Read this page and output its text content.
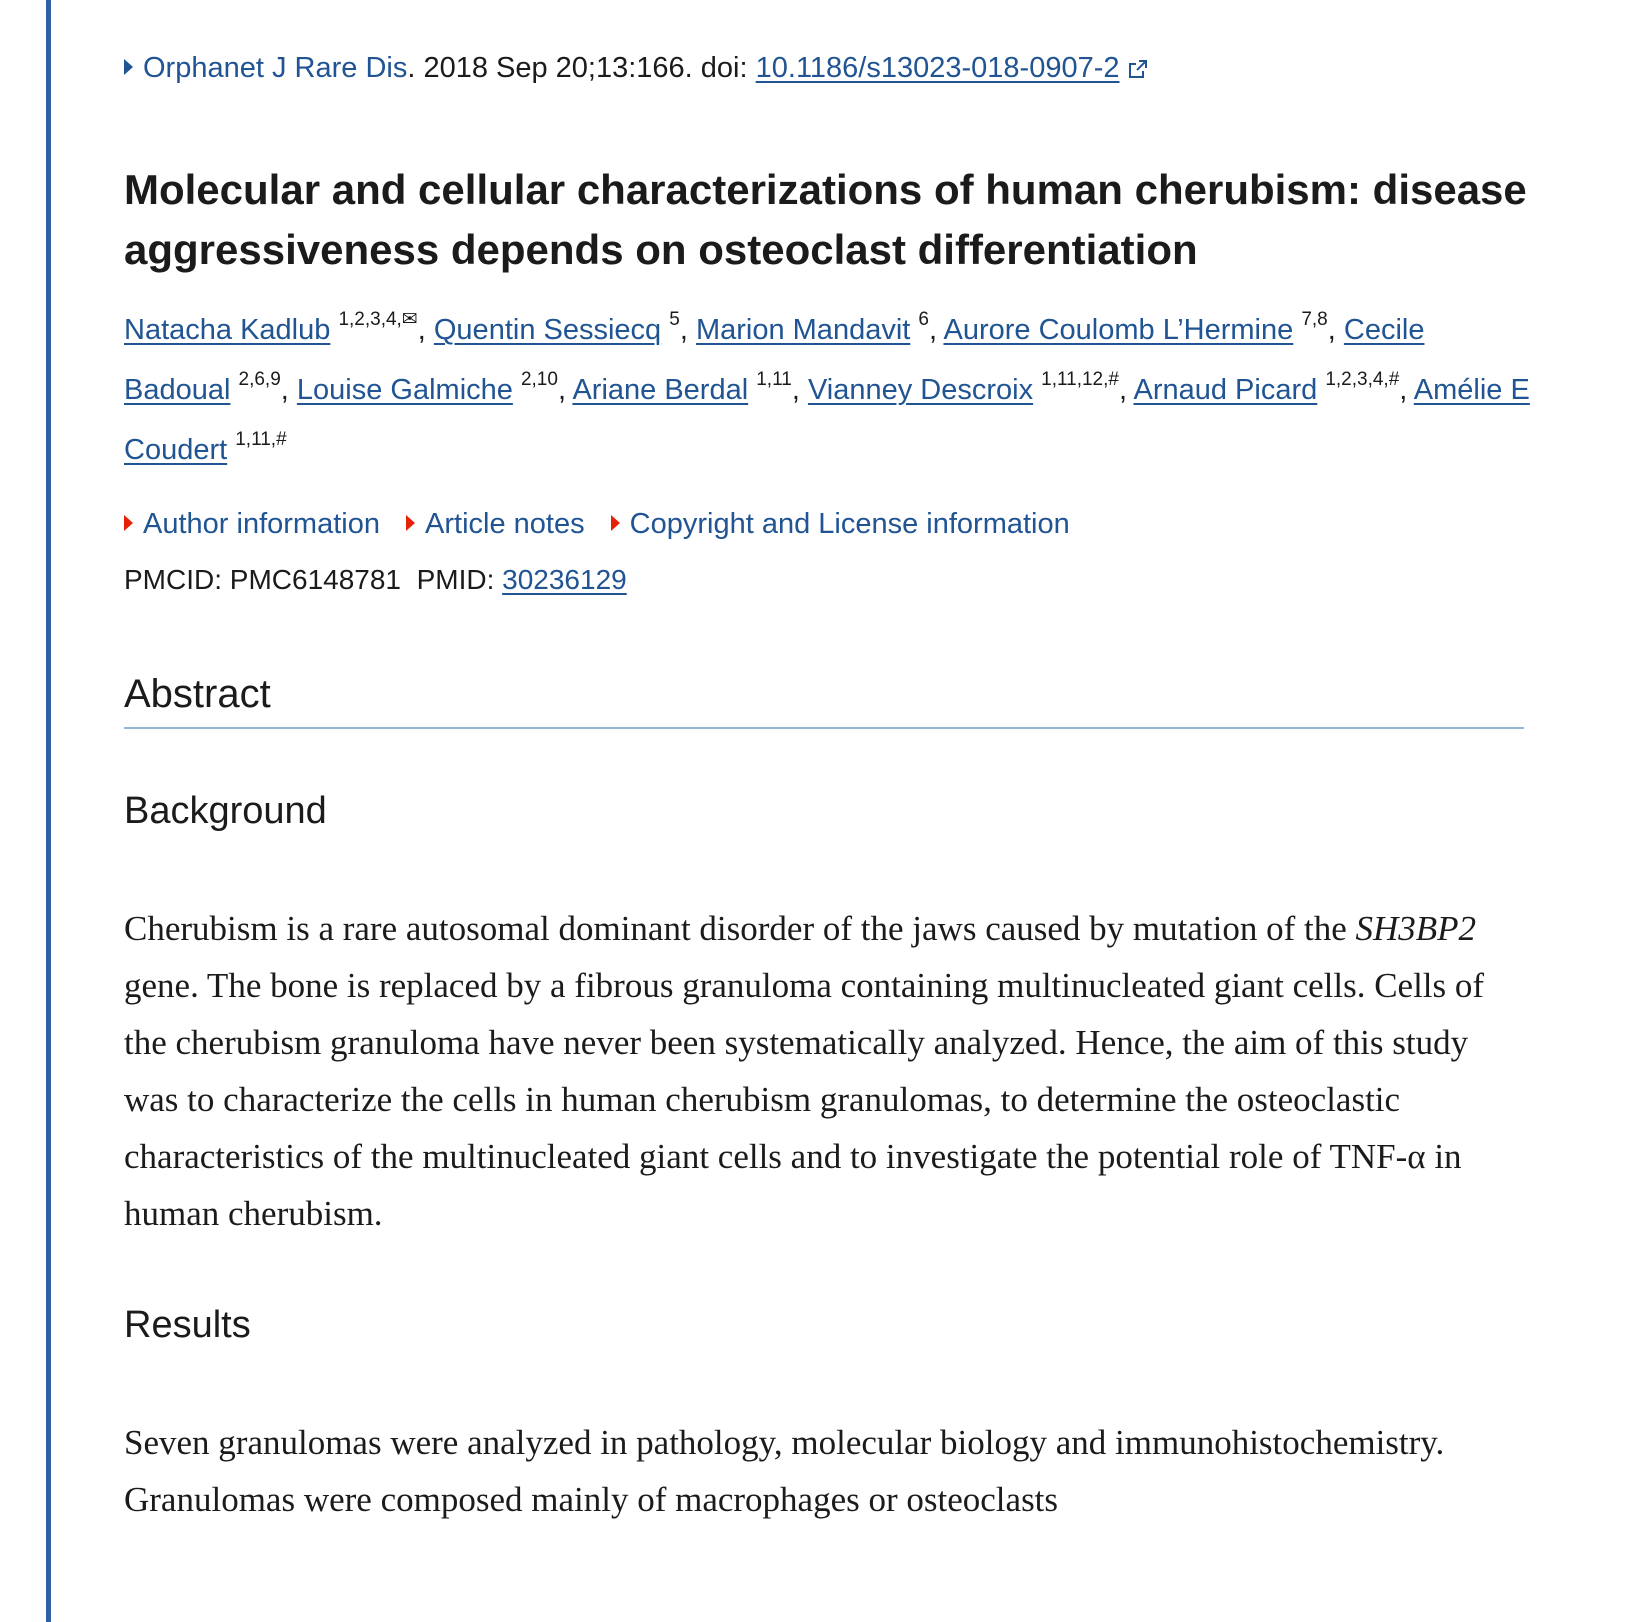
Orphanet J Rare Dis. 2018 Sep 20;13:166. doi: 10.1186/s13023-018-0907-2
Molecular and cellular characterizations of human cherubism: disease aggressiveness depends on osteoclast differentiation
Natacha Kadlub $^{1,2,3,4,✉}$, Quentin Sessiecq $^5$, Marion Mandavit $^6$, Aurore Coulomb L’Hermine $^{7,8}$, Cecile Badoual $^{2,6,9}$, Louise Galmiche $^{2,10}$, Ariane Berdal $^{1,11}$, Vianney Descroix $^{1,11,12,\#}$, Arnaud Picard $^{1,2,3,4,\#}$, Amélie E Coudert $^{1,11,\#}$
Author information Article notes Copyright and License information
PMCID: PMC6148781 PMID: 30236129
Abstract
Background

Cherubism is a rare autosomal dominant disorder of the jaws caused by mutation of the SH3BP2 gene. The bone is replaced by a fibrous granuloma containing multinucleated giant cells. Cells of the cherubism granuloma have never been systematically analyzed. Hence, the aim of this study was to characterize the cells in human cherubism granulomas, to determine the osteoclastic characteristics of the multinucleated giant cells and to investigate the potential role of TNF-α in human cherubism.

Results

Seven granulomas were analyzed in pathology, molecular biology and immunohistochemistry. Granulomas were composed mainly of macrophages or osteoclasts
